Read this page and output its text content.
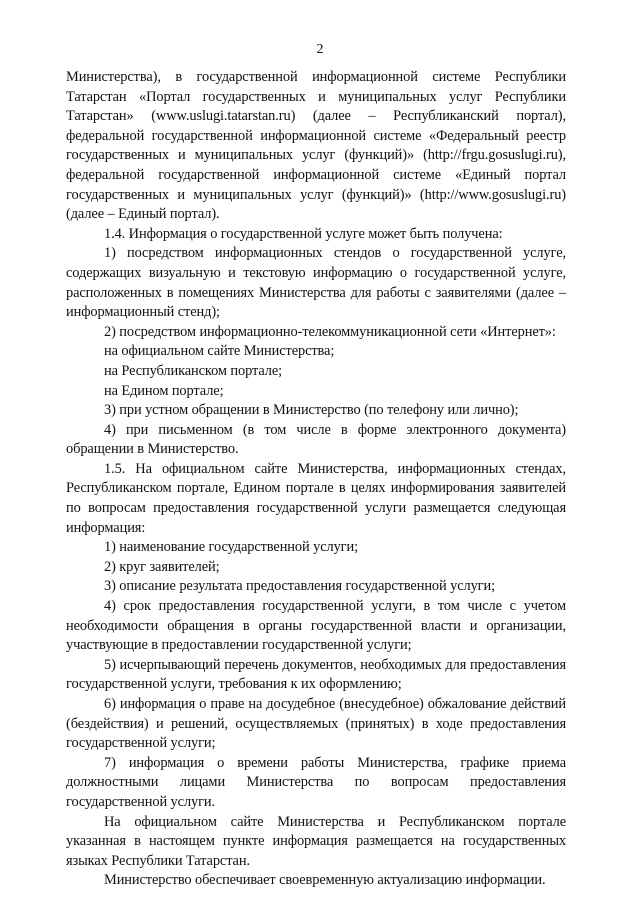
2

Министерства), в государственной информационной системе Республики Татарстан «Портал государственных и муниципальных услуг Республики Татарстан» (www.uslugi.tatarstan.ru) (далее – Республиканский портал), федеральной государственной информационной системе «Федеральный реестр государственных и муниципальных услуг (функций)» (http://frgu.gosuslugi.ru), федеральной государственной информационной системе «Единый портал государственных и муниципальных услуг (функций)» (http://www.gosuslugi.ru) (далее – Единый портал).

1.4. Информация о государственной услуге может быть получена:

1) посредством информационных стендов о государственной услуге, содержащих визуальную и текстовую информацию о государственной услуге, расположенных в помещениях Министерства для работы с заявителями (далее – информационный стенд);

2) посредством информационно-телекоммуникационной сети «Интернет»:

на официальном сайте Министерства;

на Республиканском портале;

на Едином портале;

3) при устном обращении в Министерство (по телефону или лично);

4) при письменном (в том числе в форме электронного документа) обращении в Министерство.

1.5. На официальном сайте Министерства, информационных стендах, Республиканском портале, Едином портале в целях информирования заявителей по вопросам предоставления государственной услуги размещается следующая информация:

1) наименование государственной услуги;

2) круг заявителей;

3) описание результата предоставления государственной услуги;

4) срок предоставления государственной услуги, в том числе с учетом необходимости обращения в органы государственной власти и организации, участвующие в предоставлении государственной услуги;

5) исчерпывающий перечень документов, необходимых для предоставления государственной услуги, требования к их оформлению;

6) информация о праве на досудебное (внесудебное) обжалование действий (бездействия) и решений, осуществляемых (принятых) в ходе предоставления государственной услуги;

7) информация о времени работы Министерства, графике приема должностными лицами Министерства по вопросам предоставления государственной услуги.

На официальном сайте Министерства и Республиканском портале указанная в настоящем пункте информация размещается на государственных языках Республики Татарстан.

Министерство обеспечивает своевременную актуализацию информации.
